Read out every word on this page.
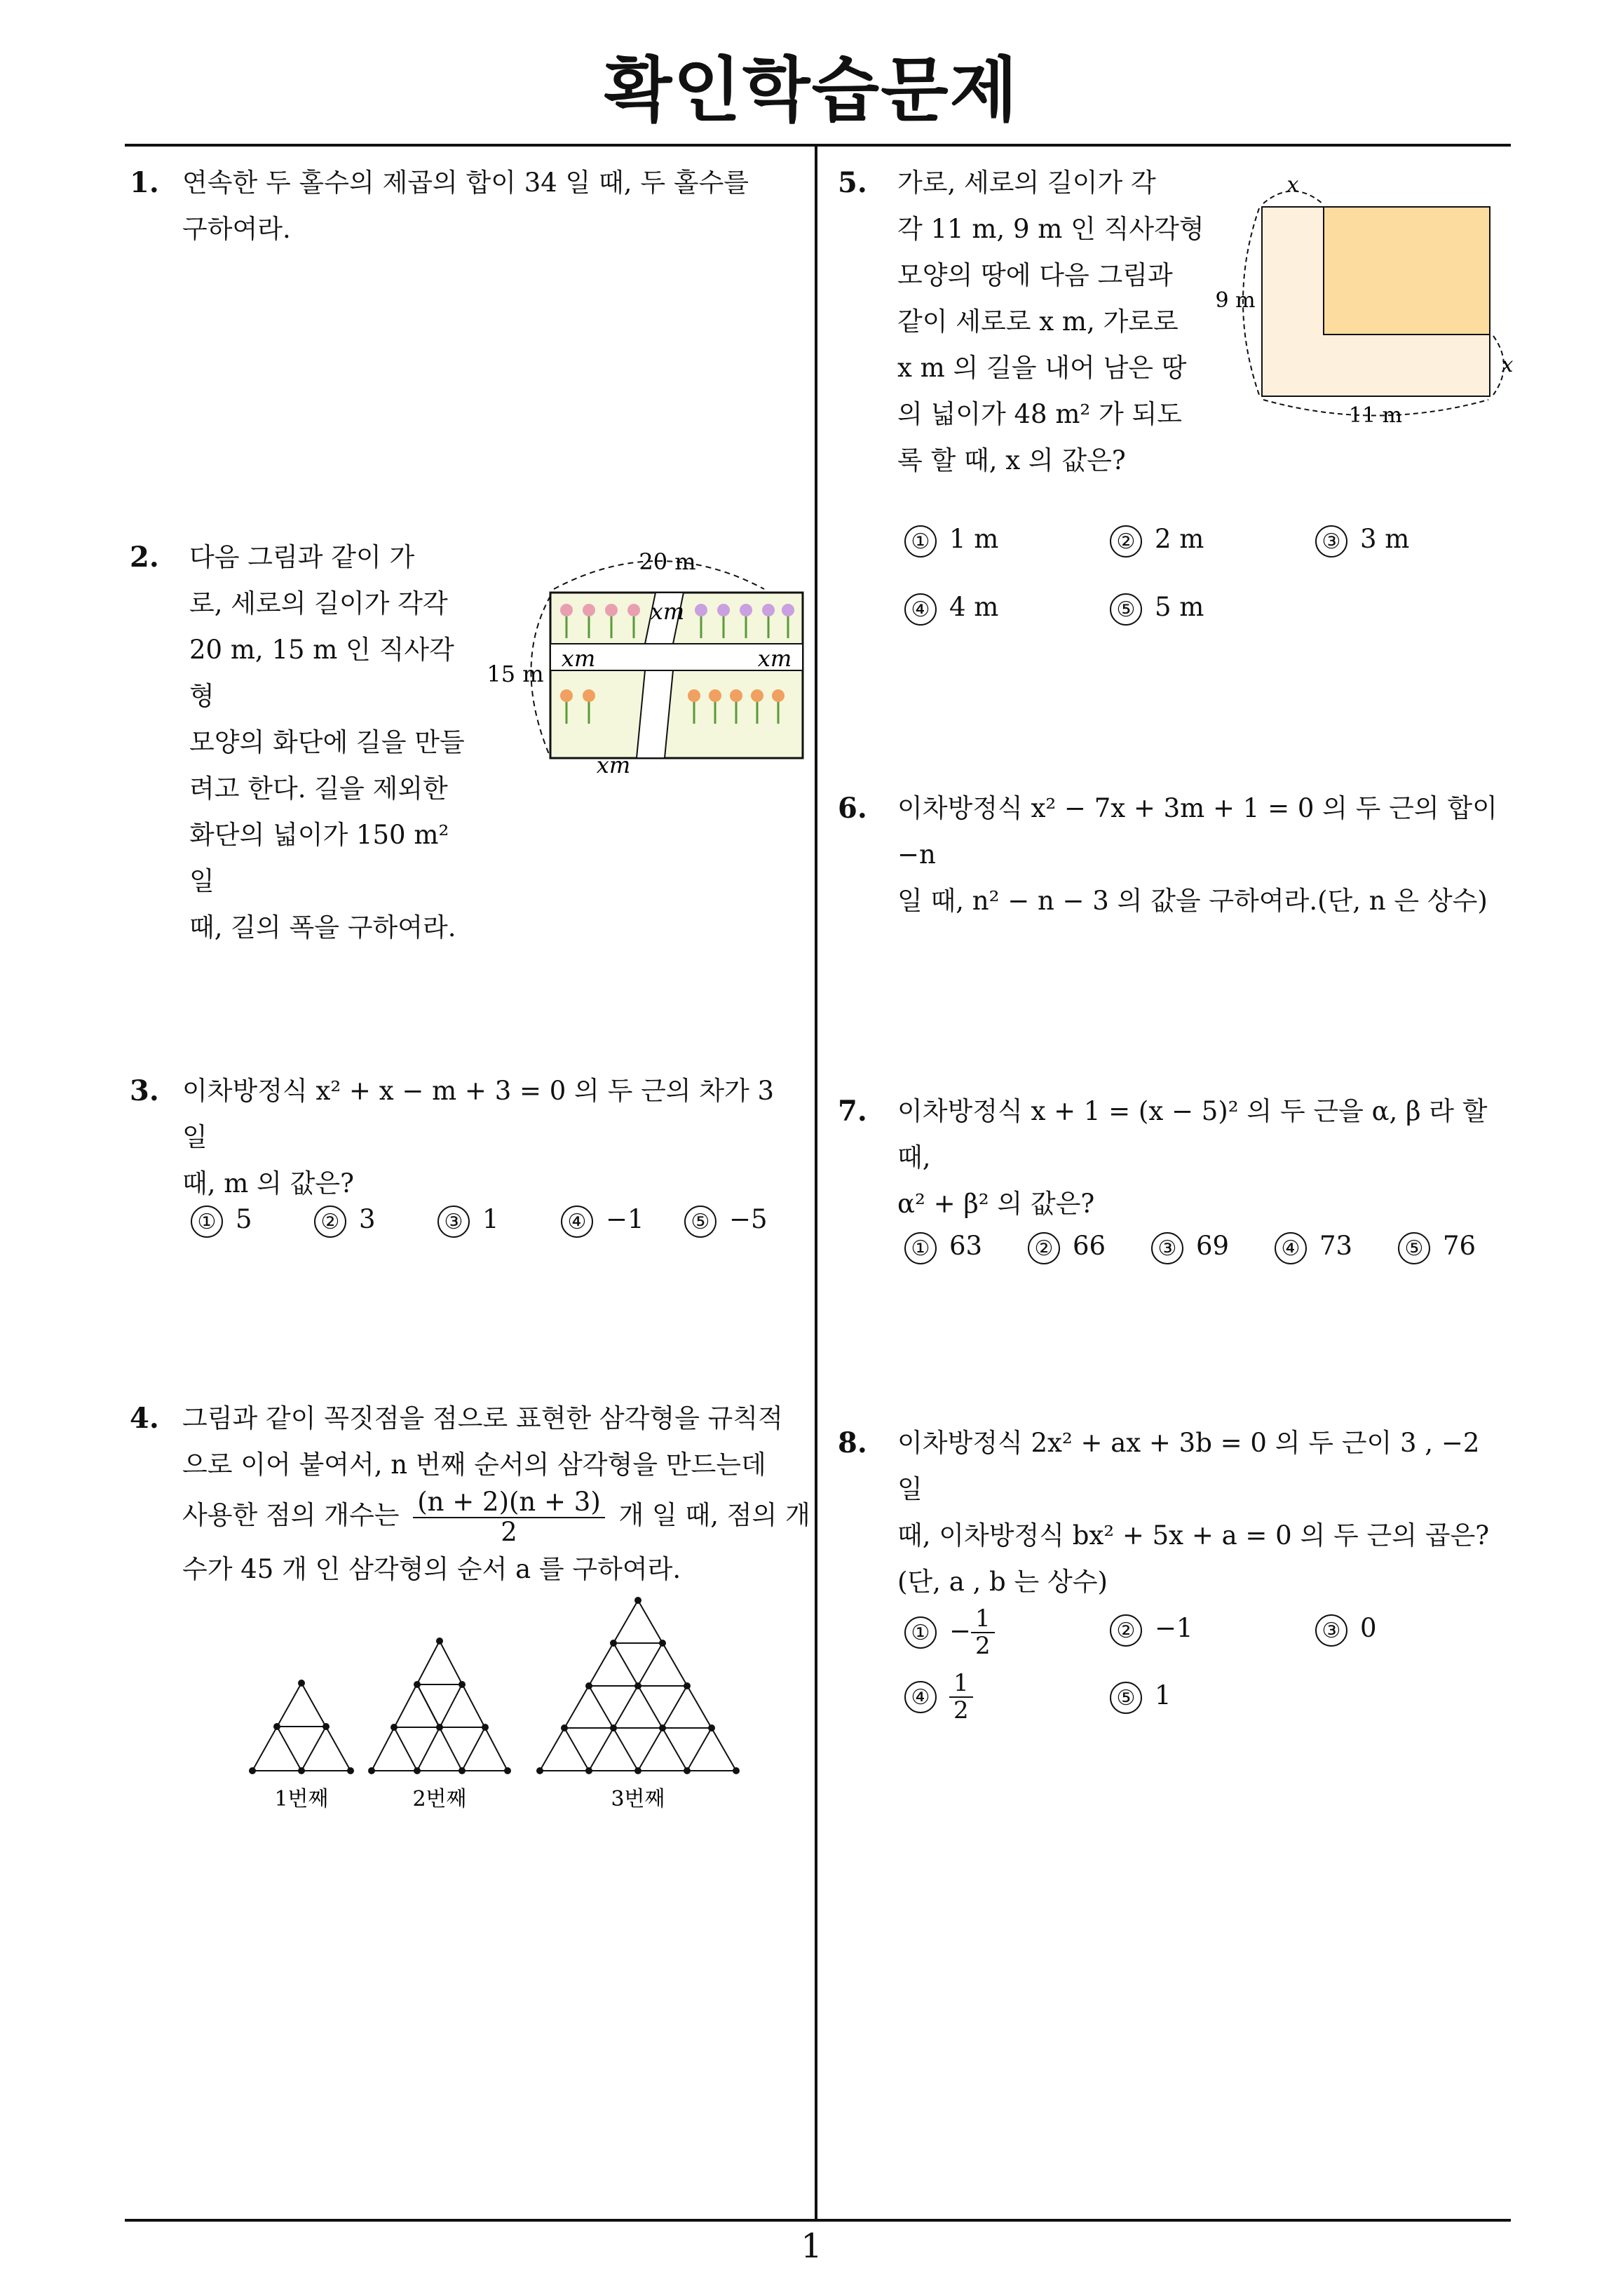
확인학습문제
1
1. 연속한 두 홀수의 제곱의 합이 34 일 때, 두 홀수를
구하여라.
2. 다음 그림과 같이 가
로, 세로의 길이가 각각
20 m, 15 m 인 직사각형
모양의 화단에 길을 만들
려고 한다. 길을 제외한
화단의 넓이가 150 m² 일
때, 길의 폭을 구하여라.
20 m
15 m
xm
xm	xm
xm
3. 이차방정식 x² + x − m + 3 = 0 의 두 근의 차가 3 일
때, m 의 값은?
① 5	② 3	③ 1	④ −1	⑤ −5
4. 그림과 같이 꼭짓점을 점으로 표현한 삼각형을 규칙적
으로 이어 붙여서, n 번째 순서의 삼각형을 만드는데
사용한 점의 개수는 $\frac{(n + 2)(n + 3)}{2}$ 개 일 때, 점의 개
수가 45 개 인 삼각형의 순서 a 를 구하여라.
1번째	2번째	3번째
5. 가로, 세로의 길이가 각
각 11 m, 9 m 인 직사각형
모양의 땅에 다음 그림과
같이 세로로 x m, 가로로
x m 의 길을 내어 남은 땅
의 넓이가 48 m² 가 되도
록 할 때, x 의 값은?
x
9 m
x
11 m
① 1 m	② 2 m	③ 3 m
④ 4 m	⑤ 5 m
6. 이차방정식 x² − 7x + 3m + 1 = 0 의 두 근의 합이 −n
일 때, n² − n − 3 의 값을 구하여라.(단, n 은 상수)
7. 이차방정식 x + 1 = (x − 5)² 의 두 근을 α, β 라 할 때,
α² + β² 의 값은?
① 63	② 66	③ 69	④ 73	⑤ 76
8. 이차방정식 2x² + ax + 3b = 0 의 두 근이 3 , −2 일
때, 이차방정식 bx² + 5x + a = 0 의 두 근의 곱은?
(단, a , b 는 상수)
① − $\frac{1}{2}$	② −1	③ 0
④ $\frac{1}{2}$	⑤ 1
